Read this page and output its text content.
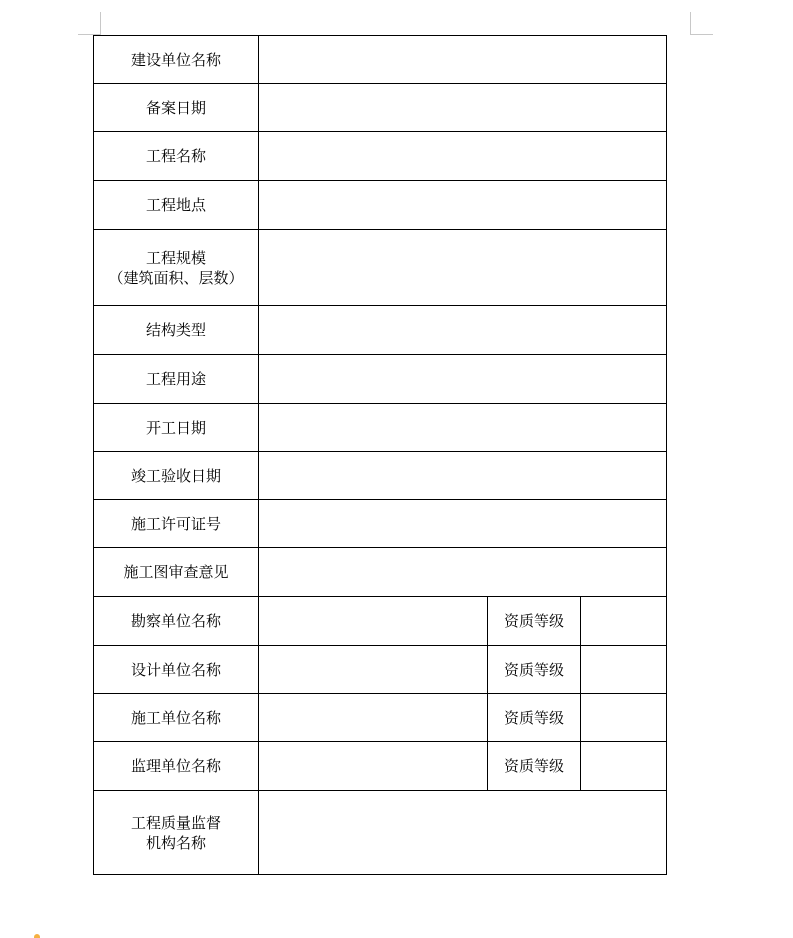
建设单位名称			
备案日期			
工程名称			
工程地点			

工程规模
（建筑面积、层数）			

结构类型			
工程用途			
开工日期			
竣工验收日期			
施工许可证号			
施工图审查意见			
勘察单位名称		资质等级	
设计单位名称		资质等级	
施工单位名称		资质等级	
监理单位名称		资质等级	

工程质量监督
机构名称			
